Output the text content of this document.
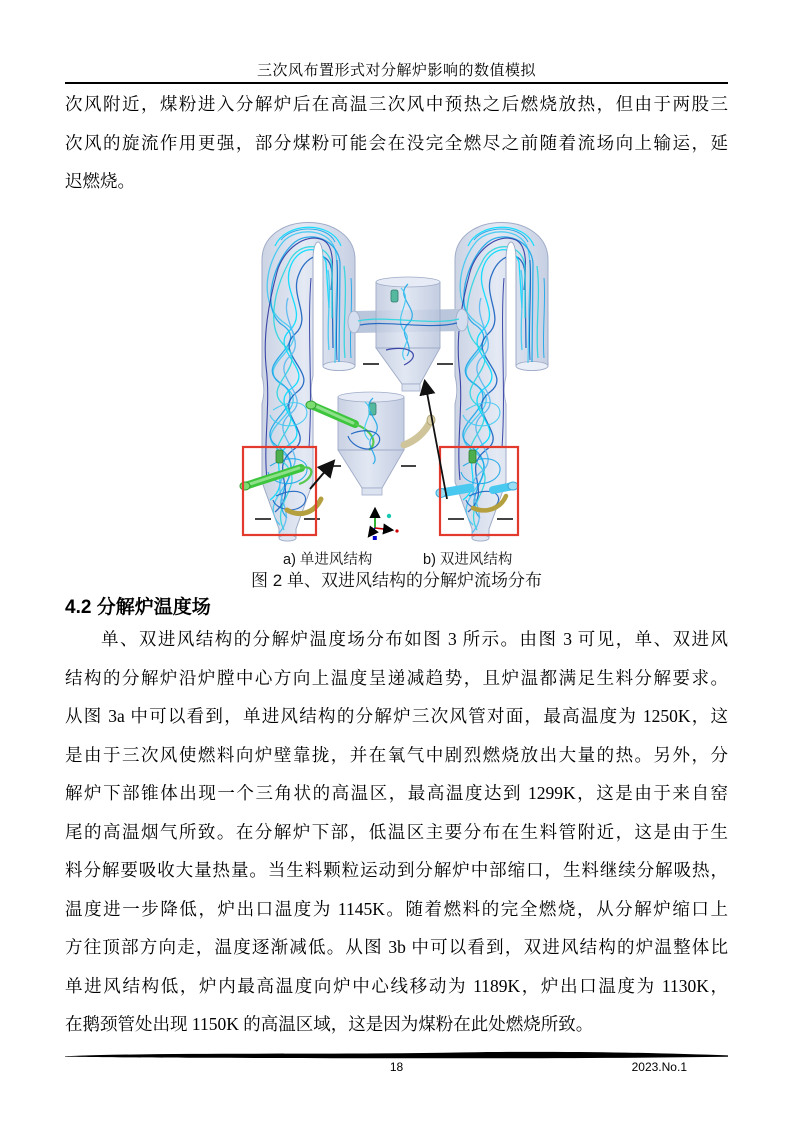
三次风布置形式对分解炉影响的数值模拟
次风附近，煤粉进入分解炉后在高温三次风中预热之后燃烧放热，但由于两股三
次风的旋流作用更强，部分煤粉可能会在没完全燃尽之前随着流场向上输运，延
迟燃烧。
a) 单进风结构	b) 双进风结构
图 2 单、双进风结构的分解炉流场分布
4.2 分解炉温度场
单、双进风结构的分解炉温度场分布如图 3 所示。由图 3 可见，单、双进风
结构的分解炉沿炉膛中心方向上温度呈递减趋势，且炉温都满足生料分解要求。
从图 3a 中可以看到，单进风结构的分解炉三次风管对面，最高温度为 1250K，这
是由于三次风使燃料向炉壁靠拢，并在氧气中剧烈燃烧放出大量的热。另外，分
解炉下部锥体出现一个三角状的高温区，最高温度达到 1299K，这是由于来自窑
尾的高温烟气所致。在分解炉下部，低温区主要分布在生料管附近，这是由于生
料分解要吸收大量热量。当生料颗粒运动到分解炉中部缩口，生料继续分解吸热，
温度进一步降低，炉出口温度为 1145K。随着燃料的完全燃烧，从分解炉缩口上
方往顶部方向走，温度逐渐减低。从图 3b 中可以看到，双进风结构的炉温整体比
单进风结构低，炉内最高温度向炉中心线移动为 1189K，炉出口温度为 1130K，
在鹅颈管处出现 1150K 的高温区域，这是因为煤粉在此处燃烧所致。
18	2023.No.1
